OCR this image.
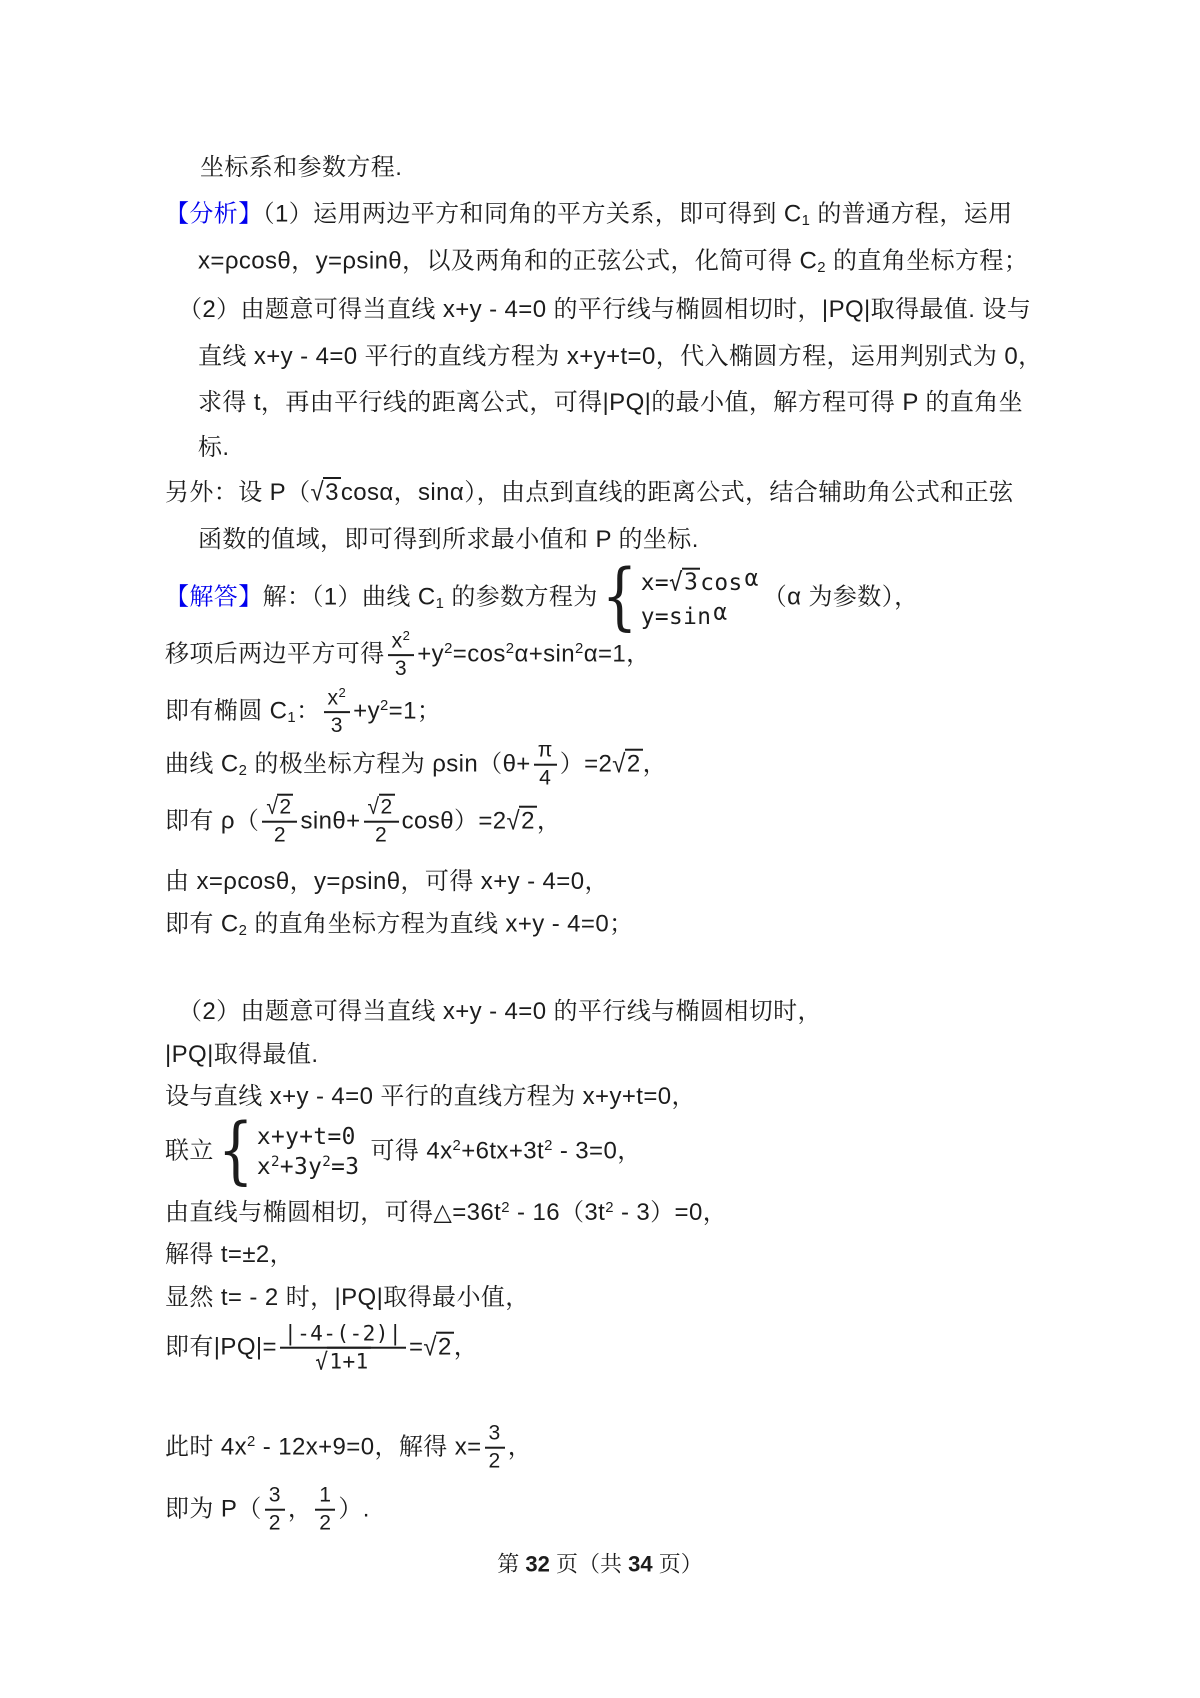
坐标系和参数方程.
【分析】（1）运用两边平方和同角的平方关系，即可得到 $C_1$ 的普通方程，运用
x=ρcosθ，y=ρsinθ，以及两角和的正弦公式，化简可得 $C_2$ 的直角坐标方程；
（2）由题意可得当直线 x+y - 4=0 的平行线与椭圆相切时，|PQ|取得最值. 设与
直线 x+y - 4=0 平行的直线方程为 x+y+t=0，代入椭圆方程，运用判别式为 0，
求得 t，再由平行线的距离公式，可得|PQ|的最小值，解方程可得 P 的直角坐
标.
另外：设 P（√3cosα，sinα），由点到直线的距离公式，结合辅助角公式和正弦
函数的值域，即可得到所求最小值和 P 的坐标.
【解答】解：（1）曲线 $C_1$ 的参数方程为 { x=√3cosα
y=sinα
（α 为参数），
移项后两边平方可得 $\frac{x^2}{3} +y^2=\cos^2\alpha+\sin^2\alpha=1$，
即有椭圆 $C_1$： $\frac{x^2}{3} +y^2=1$；
曲线 $C_2$ 的极坐标方程为 $\rho\sin(\theta+ \frac{\pi}{4} )=2√2$，
即有 $\rho( \frac{√2}{2} \sin\theta+ \frac{√2}{2} \cos\theta)=2√2$，
由 x=ρcosθ，y=ρsinθ，可得 x+y - 4=0，
即有 $C_2$ 的直角坐标方程为直线 x+y - 4=0；
（2）由题意可得当直线 x+y - 4=0 的平行线与椭圆相切时，
|PQ|取得最值.
设与直线 x+y - 4=0 平行的直线方程为 x+y+t=0，
联立 { x+y+t=0
$x^2+3y^2=3$
可得 $4x^2+6tx+3t^2 - 3=0$，
由直线与椭圆相切，可得$\triangle=36t^2 - 16(3t^2 - 3)=0$，
解得 t=±2，
显然 t= - 2 时，|PQ|取得最小值，
即有$|PQ|= \frac{|-4-(-2)|}{√1+1} =√2$，
此时 $4x^2 - 12x+9=0$，解得 $x= \frac{3}{2}$ ，
即为 $P( \frac{3}{2}$ ， $\frac{1}{2}$ ）.
第 32 页（共 34 页）
